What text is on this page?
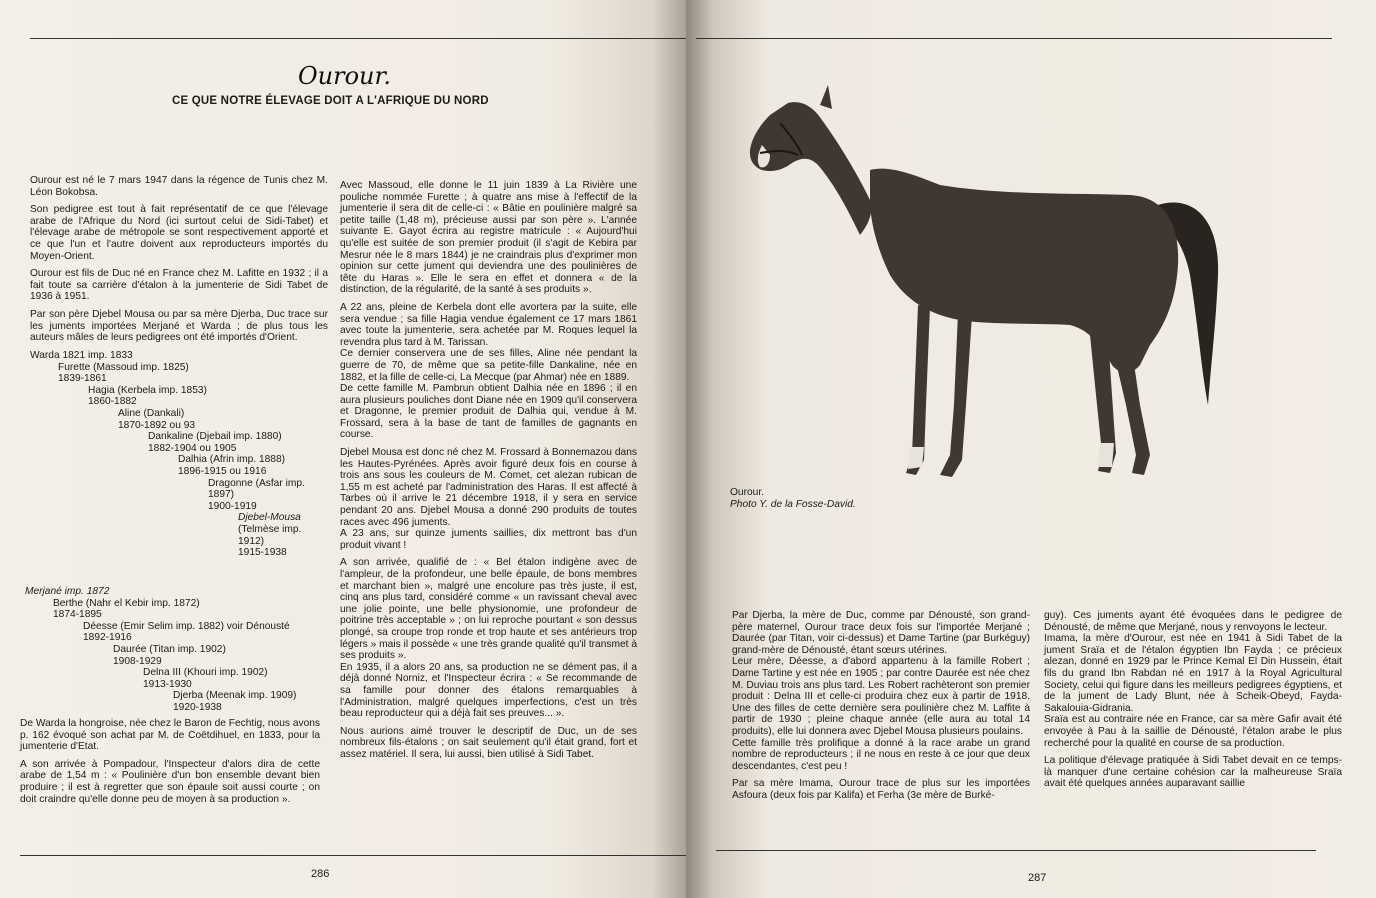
Ourour.
CE QUE NOTRE ÉLEVAGE DOIT A L'AFRIQUE DU NORD

Ourour est né le 7 mars 1947 dans la régence de Tunis chez M. Léon Bokobsa.

Son pedigree est tout à fait représentatif de ce que l'élevage arabe de l'Afrique du Nord (ici surtout celui de Sidi-Tabet) et l'élevage arabe de métropole se sont respectivement apporté et ce que l'un et l'autre doivent aux reproducteurs importés du Moyen-Orient.

Ourour est fils de Duc né en France chez M. Lafitte en 1932 ; il a fait toute sa carrière d'étalon à la jumenterie de Sidi Tabet de 1936 à 1951.

Par son père Djebel Mousa ou par sa mère Djerba, Duc trace sur les juments importées Merjané et Warda ; de plus tous les auteurs mâles de leurs pedigrees ont été importés d'Orient.

Warda 1821 imp. 1833
Furette (Massoud imp. 1825)
1839-1861
Hagia (Kerbela imp. 1853)
1860-1882
Aline (Dankali)
1870-1892 ou 93
Dankaline (Djebail imp. 1880)
1882-1904 ou 1905
Dalhia (Afrin imp. 1888)
1896-1915 ou 1916
Dragonne (Asfar imp.
1897)
1900-1919
Djebel-Mousa
(Telmèse imp.
1912)
1915-1938
Merjané imp. 1872
Berthe (Nahr el Kebir imp. 1872)
1874-1895
Déesse (Emir Selim imp. 1882) voir Dénousté
1892-1916
Daurée (Titan imp. 1902)
1908-1929
Delna III (Khouri imp. 1902)
1913-1930
Djerba (Meenak imp. 1909)
1920-1938

De Warda la hongroise, née chez le Baron de Fechtig, nous avons p. 162 évoqué son achat par M. de Coëtdihuel, en 1833, pour la jumenterie d'Etat.

A son arrivée à Pompadour, l'Inspecteur d'alors dira de cette arabe de 1,54 m : « Poulinière d'un bon ensemble devant bien produire ; il est à regretter que son épaule soit aussi courte ; on doit craindre qu'elle donne peu de moyen à sa production ».

Avec Massoud, elle donne le 11 juin 1839 à La Rivière une pouliche nommée Furette ; à quatre ans mise à l'effectif de la jumenterie il sera dit de celle-ci : « Bâtie en poulinière malgré sa petite taille (1,48 m), précieuse aussi par son père ». L'année suivante E. Gayot écrira au registre matricule : « Aujourd'hui qu'elle est suitée de son premier produit (il s'agit de Kebira par Mesrur née le 8 mars 1844) je ne craindrais plus d'exprimer mon opinion sur cette jument qui deviendra une des poulinières de tête du Haras ». Elle le sera en effet et donnera « de la distinction, de la régularité, de la santé à ses produits ».

A 22 ans, pleine de Kerbela dont elle avortera par la suite, elle sera vendue ; sa fille Hagia vendue également ce 17 mars 1861 avec toute la jumenterie, sera achetée par M. Roques lequel la revendra plus tard à M. Tarissan.

Ce dernier conservera une de ses filles, Aline née pendant la guerre de 70, de même que sa petite-fille Dankaline, née en 1882, et la fille de celle-ci, La Mecque (par Ahmar) née en 1889.

De cette famille M. Pambrun obtient Dalhia née en 1896 ; il en aura plusieurs pouliches dont Diane née en 1909 qu'il conservera et Dragonne, le premier produit de Dalhia qui, vendue à M. Frossard, sera à la base de tant de familles de gagnants en course.

Djebel Mousa est donc né chez M. Frossard à Bonnemazou dans les Hautes-Pyrénées. Après avoir figuré deux fois en course à trois ans sous les couleurs de M. Comet, cet alezan rubican de 1,55 m est acheté par l'administration des Haras. Il est affecté à Tarbes où il arrive le 21 décembre 1918, il y sera en service pendant 20 ans. Djebel Mousa a donné 290 produits de toutes races avec 496 juments.

A 23 ans, sur quinze juments saillies, dix mettront bas d'un produit vivant !

A son arrivée, qualifié de : « Bel étalon indigène avec de l'ampleur, de la profondeur, une belle épaule, de bons membres et marchant bien », malgré une encolure pas très juste, il est, cinq ans plus tard, considéré comme « un ravissant cheval avec une jolie pointe, une belle physionomie, une profondeur de poitrine très acceptable » ; on lui reproche pourtant « son dessus plongé, sa croupe trop ronde et trop haute et ses antérieurs trop légers » mais il possède « une très grande qualité qu'il transmet à ses produits ».

En 1935, il a alors 20 ans, sa production ne se dément pas, il a déjà donné Norniz, et l'Inspecteur écrira : « Se recommande de sa famille pour donner des étalons remarquables à l'Administration, malgré quelques imperfections, c'est un très beau reproducteur qui a déjà fait ses preuves... ».

Nous aurions aimé trouver le descriptif de Duc, un de ses nombreux fils-étalons ; on sait seulement qu'il était grand, fort et assez matériel. Il sera, lui aussi, bien utilisé à Sidi Tabet.

286	287
Ourour.
Photo Y. de la Fosse-David.

Par Djerba, la mère de Duc, comme par Dénousté, son grand-père maternel, Ourour trace deux fois sur l'importée Merjané ; Daurée (par Titan, voir ci-dessus) et Dame Tartine (par Burkéguy) grand-mère de Dénousté, étant sœurs utérines.

Leur mère, Déesse, a d'abord appartenu à la famille Robert ; Dame Tartine y est née en 1905 ; par contre Daurée est née chez M. Duviau trois ans plus tard. Les Robert rachèteront son premier produit : Delna III et celle-ci produira chez eux à partir de 1918. Une des filles de cette dernière sera poulinière chez M. Laffite à partir de 1930 ; pleine chaque année (elle aura au total 14 produits), elle lui donnera avec Djebel Mousa plusieurs poulains.

Cette famille très prolifique a donné à la race arabe un grand nombre de reproducteurs ; il ne nous en reste à ce jour que deux descendantes, c'est peu !

Par sa mère Imama, Ourour trace de plus sur les importées Asfoura (deux fois par Kalifa) et Ferha (3e mère de Burké-

guy). Ces juments ayant été évoquées dans le pedigree de Dénousté, de même que Merjané, nous y renvoyons le lecteur.

Imama, la mère d'Ourour, est née en 1941 à Sidi Tabet de la jument Sraïa et de l'étalon égyptien Ibn Fayda ; ce précieux alezan, donné en 1929 par le Prince Kemal El Din Hussein, était fils du grand Ibn Rabdan né en 1917 à la Royal Agricultural Society, celui qui figure dans les meilleurs pedigrees égyptiens, et de la jument de Lady Blunt, née à Scheik-Obeyd, Fayda-Sakalouia-Gidrania.

Sraïa est au contraire née en France, car sa mère Gafir avait été envoyée à Pau à la saillie de Dénousté, l'étalon arabe le plus recherché pour la qualité en course de sa production.

La politique d'élevage pratiquée à Sidi Tabet devait en ce temps-là manquer d'une certaine cohésion car la malheureuse Sraïa avait été quelques années auparavant saillie
